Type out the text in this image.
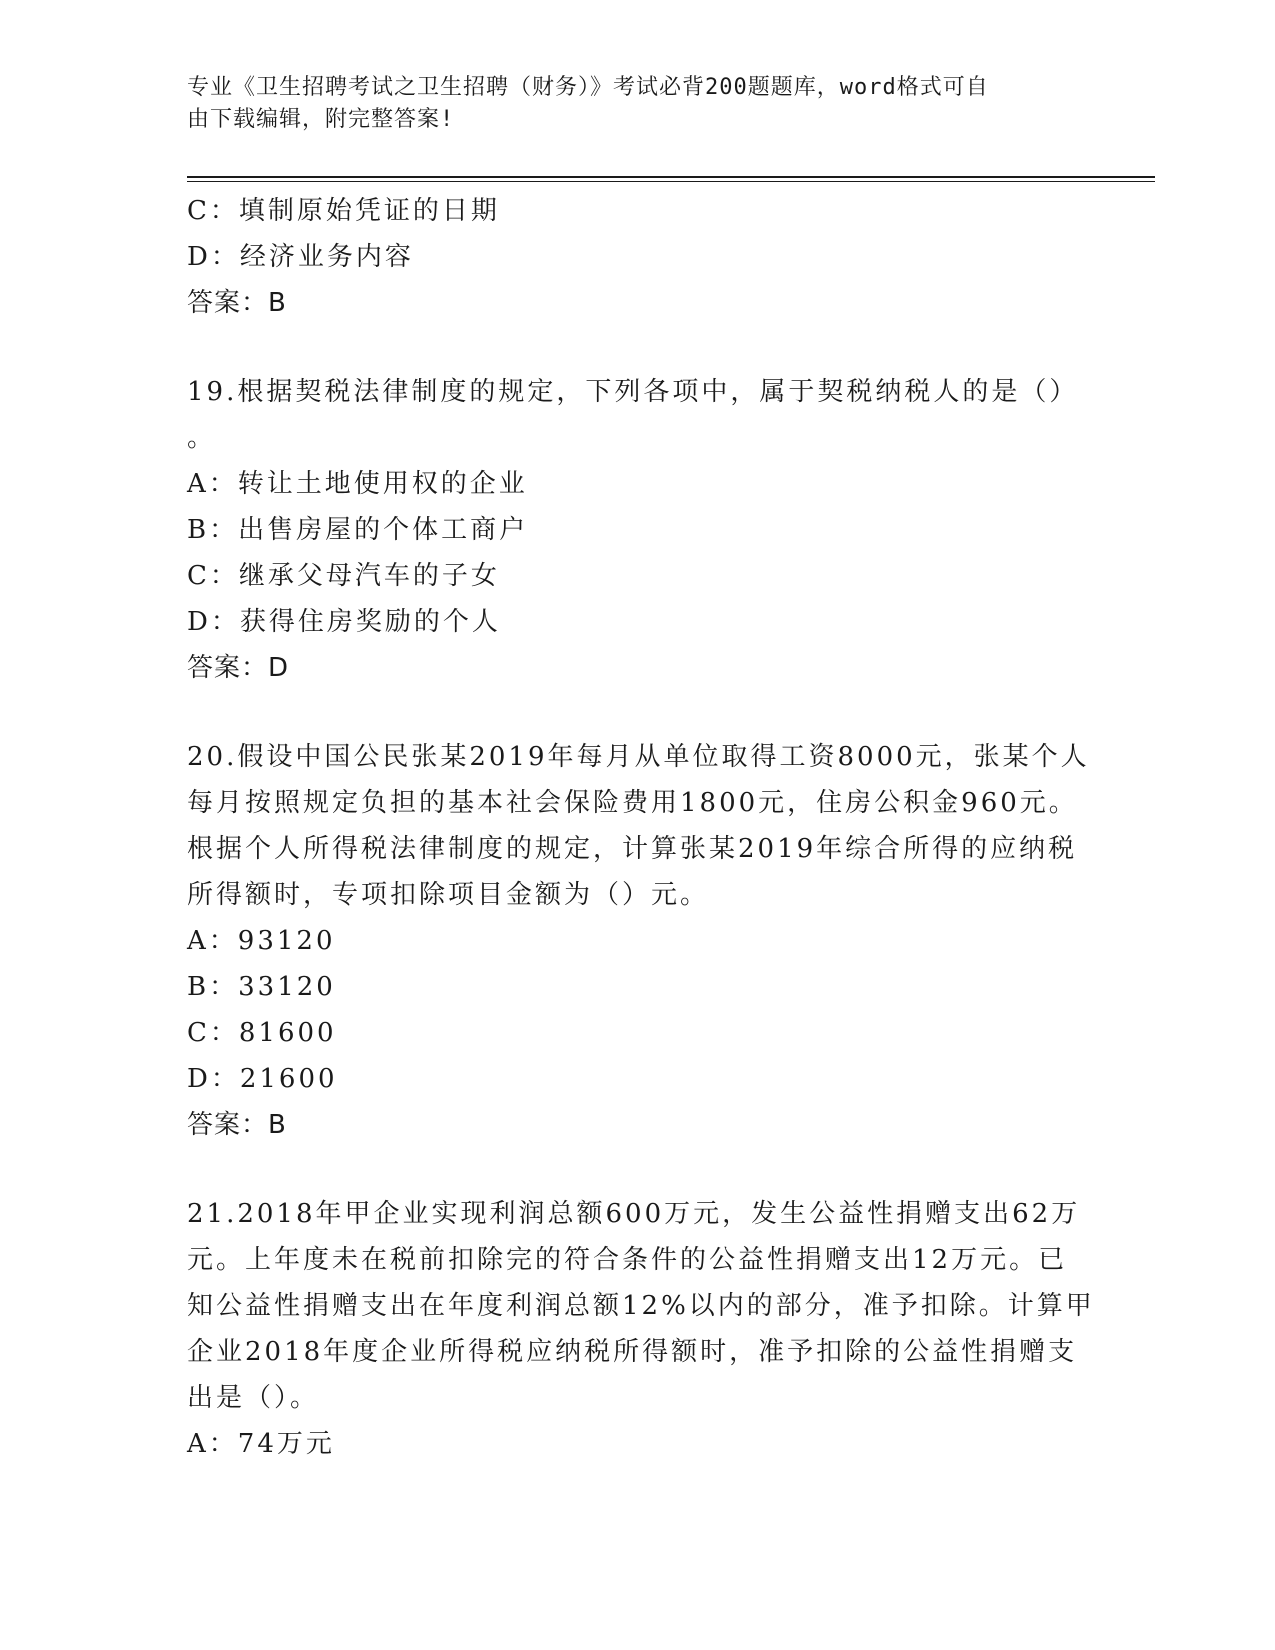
专业《卫生招聘考试之卫生招聘（财务）》考试必背200题题库，word格式可自
由下载编辑，附完整答案!
C：填制原始凭证的日期
D：经济业务内容
答案：B
19.根据契税法律制度的规定，下列各项中，属于契税纳税人的是（）
。
A：转让土地使用权的企业
B：出售房屋的个体工商户
C：继承父母汽车的子女
D：获得住房奖励的个人
答案：D
20.假设中国公民张某2019年每月从单位取得工资8000元，张某个人
每月按照规定负担的基本社会保险费用1800元，住房公积金960元。
根据个人所得税法律制度的规定，计算张某2019年综合所得的应纳税
所得额时，专项扣除项目金额为（）元。
A：93120
B：33120
C：81600
D：21600
答案：B
21.2018年甲企业实现利润总额600万元，发生公益性捐赠支出62万
元。上年度未在税前扣除完的符合条件的公益性捐赠支出12万元。已
知公益性捐赠支出在年度利润总额12%以内的部分，准予扣除。计算甲
企业2018年度企业所得税应纳税所得额时，准予扣除的公益性捐赠支
出是（）。
A：74万元
